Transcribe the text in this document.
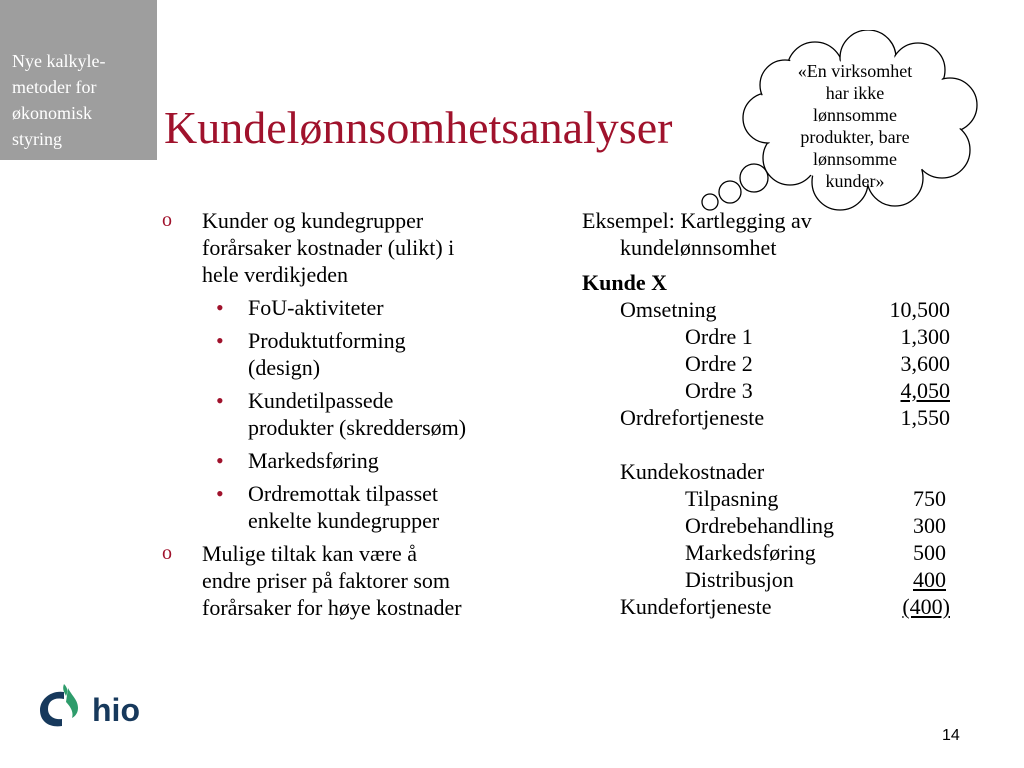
Nye kalkyle-
metoder for
økonomisk
styring	Kundelønnsomhetsanalyser
«En virksomhet
har ikke
lønnsomme
produkter, bare
lønnsomme
kunder»
o Kunder og kundegrupper
forårsaker kostnader (ulikt) i
hele verdikjeden
• FoU-aktiviteter
• Produktutforming
(design)
• Kundetilpassede
produkter (skreddersøm)
• Markedsføring
• Ordremottak tilpasset
enkelte kundegrupper
o Mulige tiltak kan være å
endre priser på faktorer som
forårsaker for høye kostnader
Eksempel: Kartlegging av
kundelønnsomhet
Kunde X
Omsetning	10,500
Ordre 1	1,300
Ordre 2	3,600
Ordre 3	4,050
Ordrefortjeneste	1,550
Kundekostnader
Tilpasning	750
Ordrebehandling	300
Markedsføring	500
Distribusjon	400
Kundefortjeneste	(400)
hio
14
